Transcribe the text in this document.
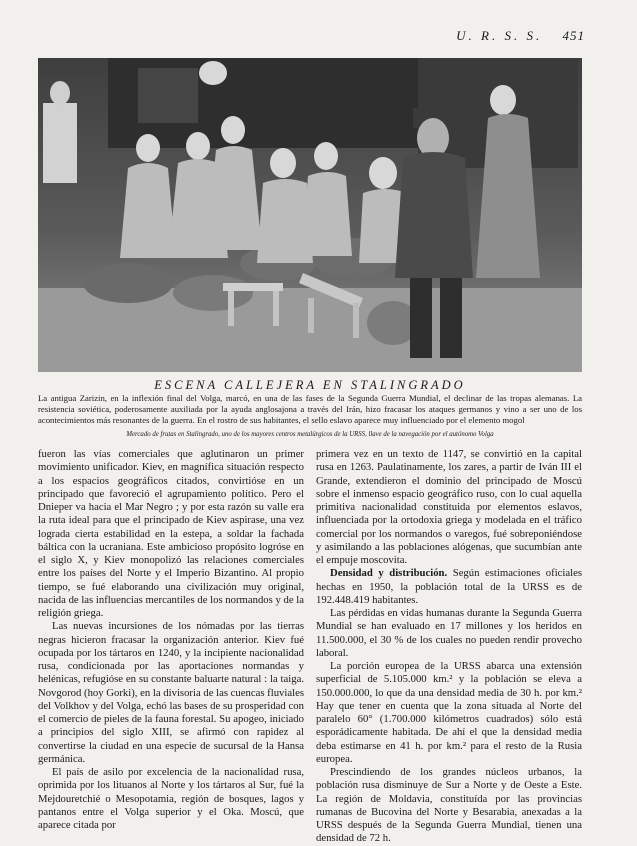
U. R. S. S. 451
ESCENA CALLEJERA EN STALINGRADO
La antigua Zarizin, en la inflexión final del Volga, marcó, en una de las fases de la Segunda Guerra Mundial, el declinar de las tropas alemanas. La resistencia soviética, poderosamente auxiliada por la ayuda anglosajona a través del Irán, hizo fracasar los ataques germanos y vino a ser uno de los acontecimientos más resonantes de la guerra. En el rostro de sus habitantes, el sello eslavo aparece muy influenciado por el elemento mogol
Mercado de frutas en Stalingrado, uno de los mayores centros metalúrgicos de la URSS, llave de la navegación por el autónomo Volga

fueron las vías comerciales que aglutinaron un primer movimiento unificador. Kiev, en magnífica situación respecto a los espacios geográficos citados, convirtióse en un principado que favoreció el agrupamiento político. Pero el Dnieper va hacia el Mar Negro ; y por esta razón su valle era la ruta ideal para que el principado de Kiev aspirase, una vez lograda cierta estabilidad en la estepa, a soldar la fachada báltica con la ucraniana. Este ambicioso propósito logróse en el siglo X, y Kiev monopolizó las relaciones comerciales entre los países del Norte y el Imperio Bizantino. Al propio tiempo, se fué elaborando una civilización muy original, nacida de las influencias mercantiles de los normandos y de la religión griega.

Las nuevas incursiones de los nómadas por las tierras negras hicieron fracasar la organización anterior. Kiev fué ocupada por los tártaros en 1240, y la incipiente nacionalidad rusa, condicionada por las aportaciones normandas y helénicas, refugióse en su constante baluarte natural : la taiga. Novgorod (hoy Gorki), en la divisoria de las cuencas fluviales del Volkhov y del Volga, echó las bases de su prosperidad con el comercio de pieles de la fauna forestal. Su apogeo, iniciado a principios del siglo XIII, se afirmó con rapidez al convertirse la ciudad en una especie de sucursal de la Hansa germánica.

El país de asilo por excelencia de la nacionalidad rusa, oprimida por los lituanos al Norte y los tártaros al Sur, fué la Mejdouretchié o Mesopotamia, región de bosques, lagos y pantanos entre el Volga superior y el Oka. Moscú, que aparece citada por

primera vez en un texto de 1147, se convirtió en la capital rusa en 1263. Paulatinamente, los zares, a partir de Iván III el Grande, extendieron el dominio del principado de Moscú sobre el inmenso espacio geográfico ruso, con lo cual aquella primitiva nacionalidad constituida por elementos eslavos, influenciada por la ortodoxia griega y modelada en el tráfico comercial por los normandos o varegos, fué sobreponiéndose y asimilando a las poblaciones alógenas, que sucumbían ante el empuje moscovita.

Densidad y distribución. Según estimaciones oficiales hechas en 1950, la población total de la URSS es de 192.448.419 habitantes.

Las pérdidas en vidas humanas durante la Segunda Guerra Mundial se han evaluado en 17 millones y los heridos en 11.500.000, el 30 % de los cuales no pueden rendir provecho laboral.

La porción europea de la URSS abarca una extensión superficial de 5.105.000 km.² y la población se eleva a 150.000.000, lo que da una densidad media de 30 h. por km.² Hay que tener en cuenta que la zona situada al Norte del paralelo 60° (1.700.000 kilómetros cuadrados) sólo está esporádicamente habitada. De ahí el que la densidad media deba estimarse en 41 h. por km.² para el resto de la Rusia europea.

Prescindiendo de los grandes núcleos urbanos, la población rusa disminuye de Sur a Norte y de Oeste a Este. La región de Moldavia, constituída por las provincias rumanas de Bucovina del Norte y Besarabia, anexadas a la URSS después de la Segunda Guerra Mundial, tienen una densidad de 72 h.
